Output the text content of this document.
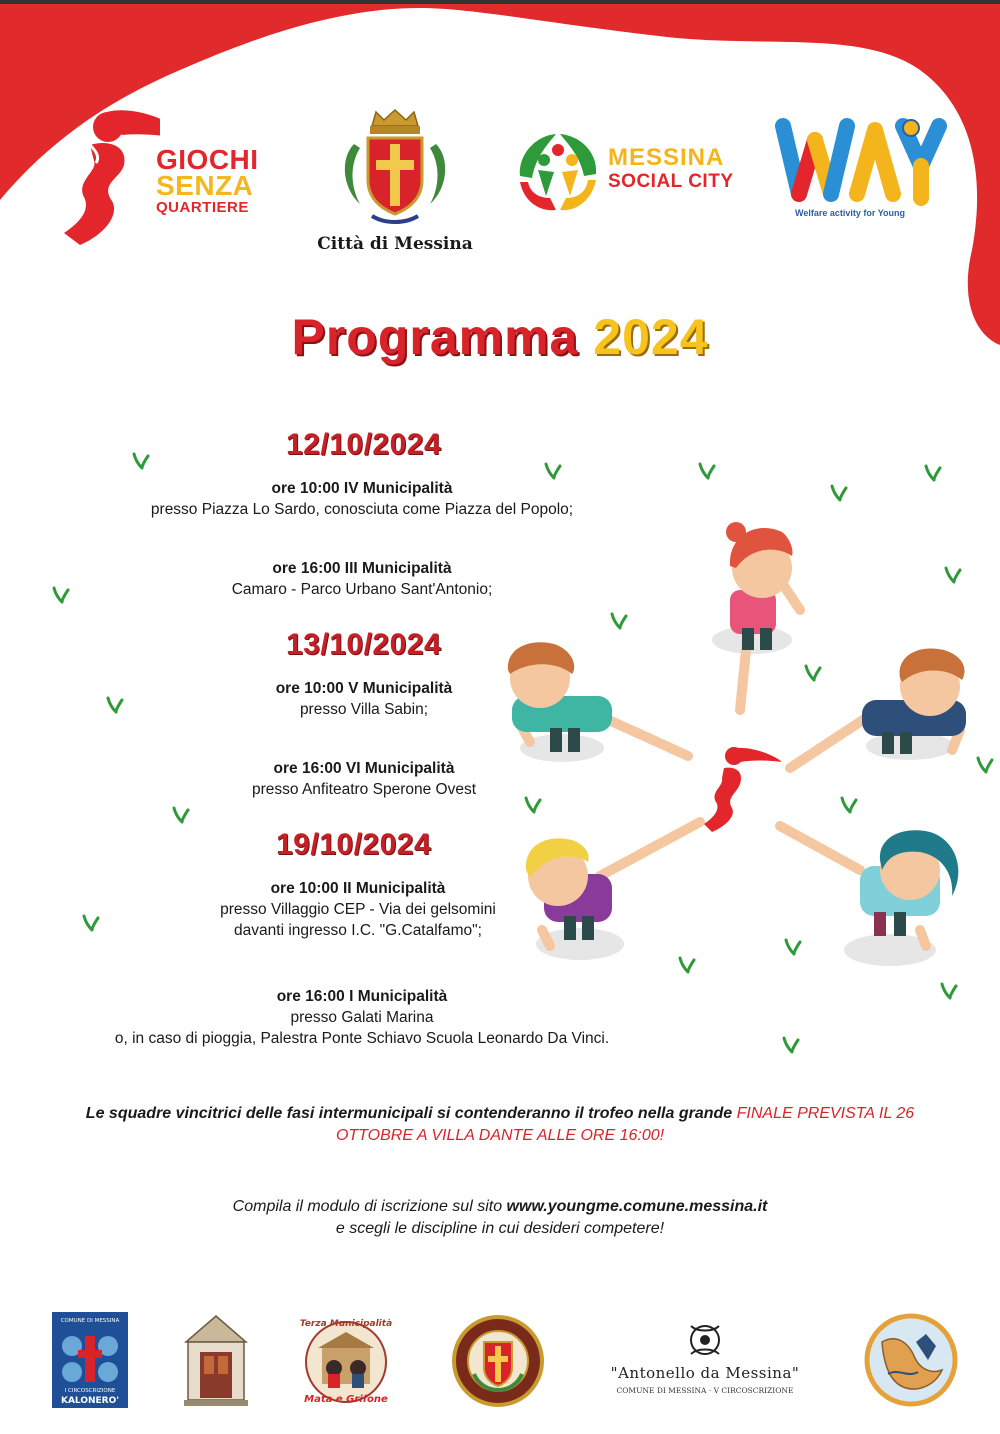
GIOCHI
SENZA
QUARTIERE
Città di Messina
MESSINA
SOCIAL CITY
Welfare activity for Young
Programma 2024
12/10/2024
ore 10:00 IV Municipalità
presso Piazza Lo Sardo, conosciuta come Piazza del Popolo;
ore 16:00 III Municipalità
Camaro - Parco Urbano Sant'Antonio;
13/10/2024
ore 10:00 V Municipalità
presso Villa Sabin;
ore 16:00 VI Municipalità
presso Anfiteatro Sperone Ovest
19/10/2024
ore 10:00 II Municipalità
presso Villaggio CEP - Via dei gelsomini
davanti ingresso I.C. "G.Catalfamo";
ore 16:00 I Municipalità
presso Galati Marina
o, in caso di pioggia, Palestra Ponte Schiavo Scuola Leonardo Da Vinci.
Le squadre vincitrici delle fasi intermunicipali si contenderanno il trofeo nella grande FINALE PREVISTA IL 26 OTTOBRE A VILLA DANTE ALLE ORE 16:00!
Compila il modulo di iscrizione sul sito www.youngme.comune.messina.it
e scegli le discipline in cui desideri competere!
COMUNE DI MESSINA
I CIRCOSCRIZIONE
KALONERO'
Terza Municipalità
Mata e Grifone
"Antonello da Messina"
COMUNE DI MESSINA · V CIRCOSCRIZIONE
